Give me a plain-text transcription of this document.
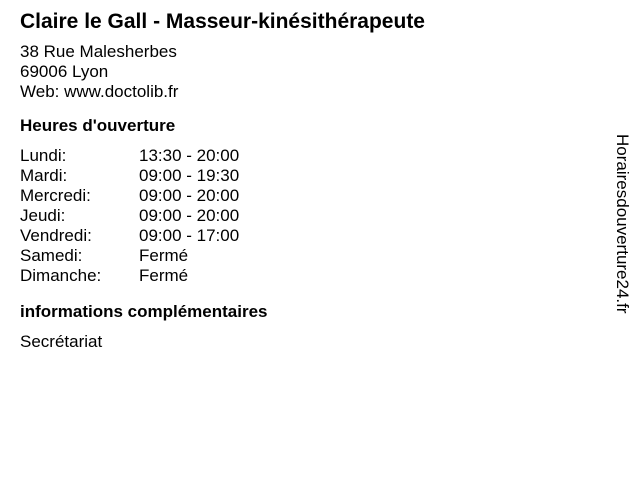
Claire le Gall - Masseur-kinésithérapeute
38 Rue Malesherbes
69006 Lyon
Web: www.doctolib.fr
Heures d'ouverture
Lundi:	13:30 - 20:00
Mardi:	09:00 - 19:30
Mercredi:	09:00 - 20:00
Jeudi:	09:00 - 20:00
Vendredi:	09:00 - 17:00
Samedi:	Fermé
Dimanche: Fermé
informations complémentaires
Secrétariat
Horairesdouverture24.fr
